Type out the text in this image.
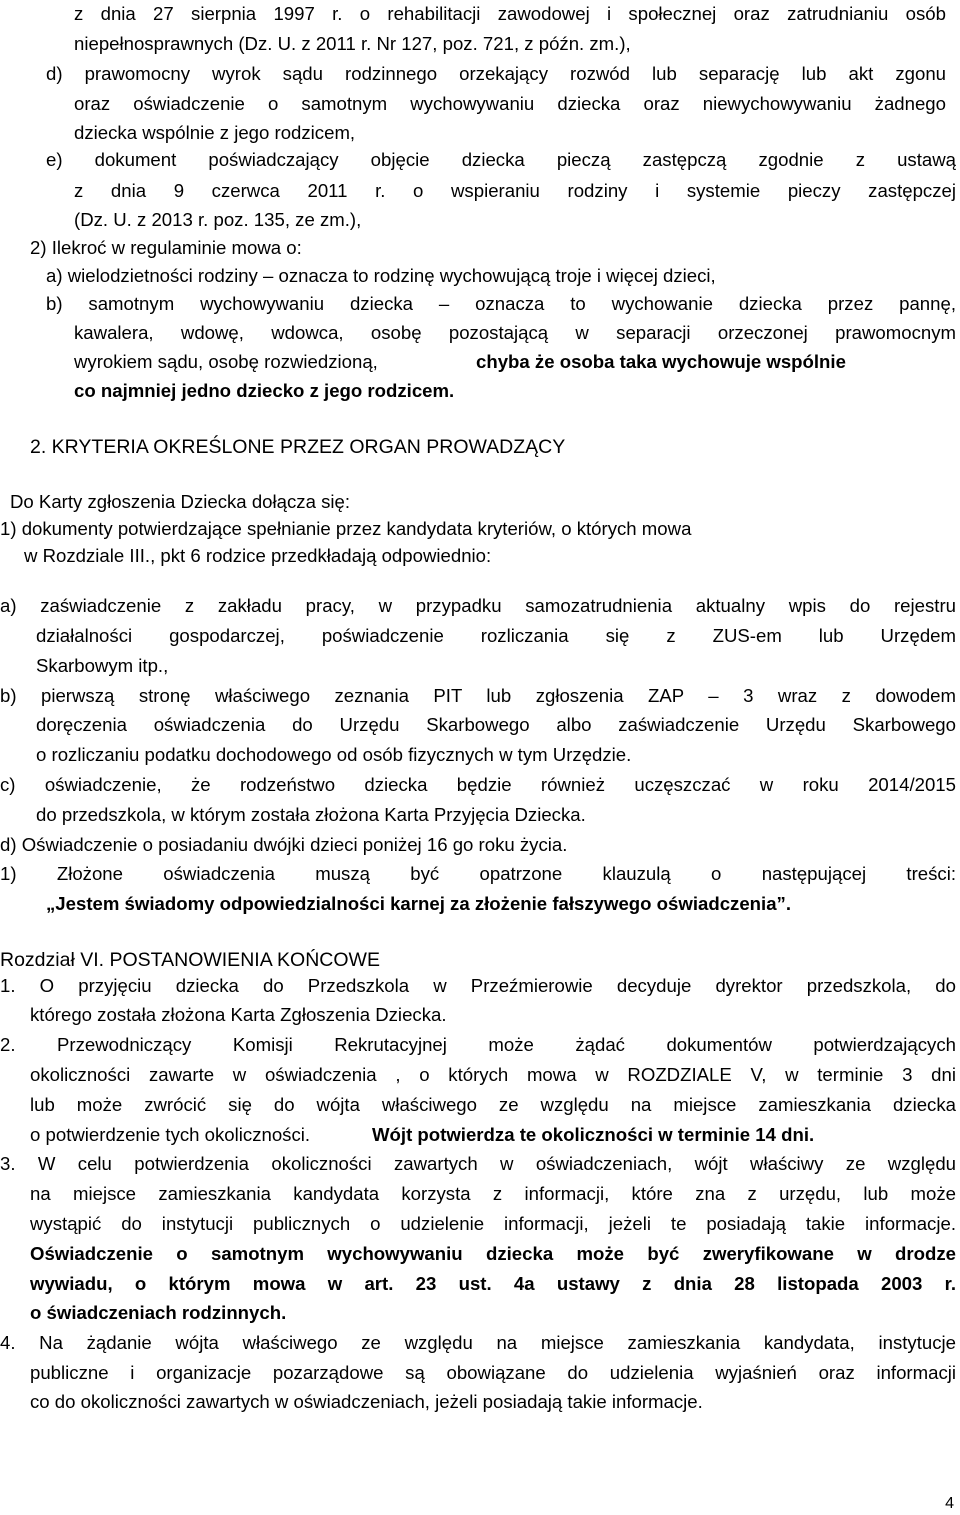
z dnia 27 sierpnia 1997 r. o rehabilitacji zawodowej i społecznej oraz zatrudnianiu osób
niepełnosprawnych (Dz. U. z 2011 r. Nr 127, poz. 721, z późn. zm.),
d) prawomocny wyrok sądu rodzinnego orzekający rozwód lub separację lub akt zgonu
oraz oświadczenie o samotnym wychowywaniu dziecka oraz niewychowywaniu żadnego
dziecka wspólnie z jego rodzicem,
e) dokument poświadczający objęcie dziecka pieczą zastępczą zgodnie z ustawą
z dnia 9 czerwca 2011 r. o wspieraniu rodziny i systemie pieczy zastępczej
(Dz. U. z 2013 r. poz. 135, ze zm.),
2) Ilekroć w regulaminie mowa o:
a) wielodzietności rodziny – oznacza to rodzinę wychowującą troje i więcej dzieci,
b) samotnym wychowywaniu dziecka – oznacza to wychowanie dziecka przez pannę,
kawalera, wdowę, wdowca, osobę pozostającą w separacji orzeczonej prawomocnym
wyrokiem sądu, osobę rozwiedzioną,	chyba że osoba taka wychowuje wspólnie
co najmniej jedno dziecko z jego rodzicem.
2. KRYTERIA OKREŚLONE PRZEZ ORGAN PROWADZĄCY
Do Karty zgłoszenia Dziecka dołącza się:
1) dokumenty potwierdzające spełnianie przez kandydata kryteriów, o których mowa
w Rozdziale III., pkt 6 rodzice przedkładają odpowiednio:
a) zaświadczenie z zakładu pracy, w przypadku samozatrudnienia aktualny wpis do rejestru
działalności gospodarczej, poświadczenie rozliczania się z ZUS-em lub Urzędem
Skarbowym itp.,
b) pierwszą stronę właściwego zeznania PIT lub zgłoszenia ZAP – 3 wraz z dowodem
doręczenia oświadczenia do Urzędu Skarbowego albo zaświadczenie Urzędu Skarbowego
o rozliczaniu podatku dochodowego od osób fizycznych w tym Urzędzie.
c) oświadczenie, że rodzeństwo dziecka będzie również uczęszczać w roku 2014/2015
do przedszkola, w którym została złożona Karta Przyjęcia Dziecka.
d) Oświadczenie o posiadaniu dwójki dzieci poniżej 16 go roku życia.
1) Złożone oświadczenia muszą być opatrzone klauzulą o następującej treści:
„Jestem świadomy odpowiedzialności karnej za złożenie fałszywego oświadczenia”.
Rozdział VI. POSTANOWIENIA KOŃCOWE
1. O przyjęciu dziecka do Przedszkola w Przeźmierowie decyduje dyrektor przedszkola, do
którego została złożona Karta Zgłoszenia Dziecka.
2. Przewodniczący Komisji Rekrutacyjnej może żądać dokumentów potwierdzających
okoliczności zawarte w oświadczenia , o których mowa w ROZDZIALE V, w terminie 3 dni
lub może zwrócić się do wójta właściwego ze względu na miejsce zamieszkania dziecka
o potwierdzenie tych okoliczności.	Wójt potwierdza te okoliczności w terminie 14 dni.
3. W celu potwierdzenia okoliczności zawartych w oświadczeniach, wójt właściwy ze względu
na miejsce zamieszkania kandydata korzysta z informacji, które zna z urzędu, lub może
wystąpić do instytucji publicznych o udzielenie informacji, jeżeli te posiadają takie informacje.
Oświadczenie o samotnym wychowywaniu dziecka może być zweryfikowane w drodze
wywiadu, o którym mowa w art. 23 ust. 4a ustawy z dnia 28 listopada 2003 r.
o świadczeniach rodzinnych.
4. Na żądanie wójta właściwego ze względu na miejsce zamieszkania kandydata, instytucje
publiczne i organizacje pozarządowe są obowiązane do udzielenia wyjaśnień oraz informacji
co do okoliczności zawartych w oświadczeniach, jeżeli posiadają takie informacje.
4
